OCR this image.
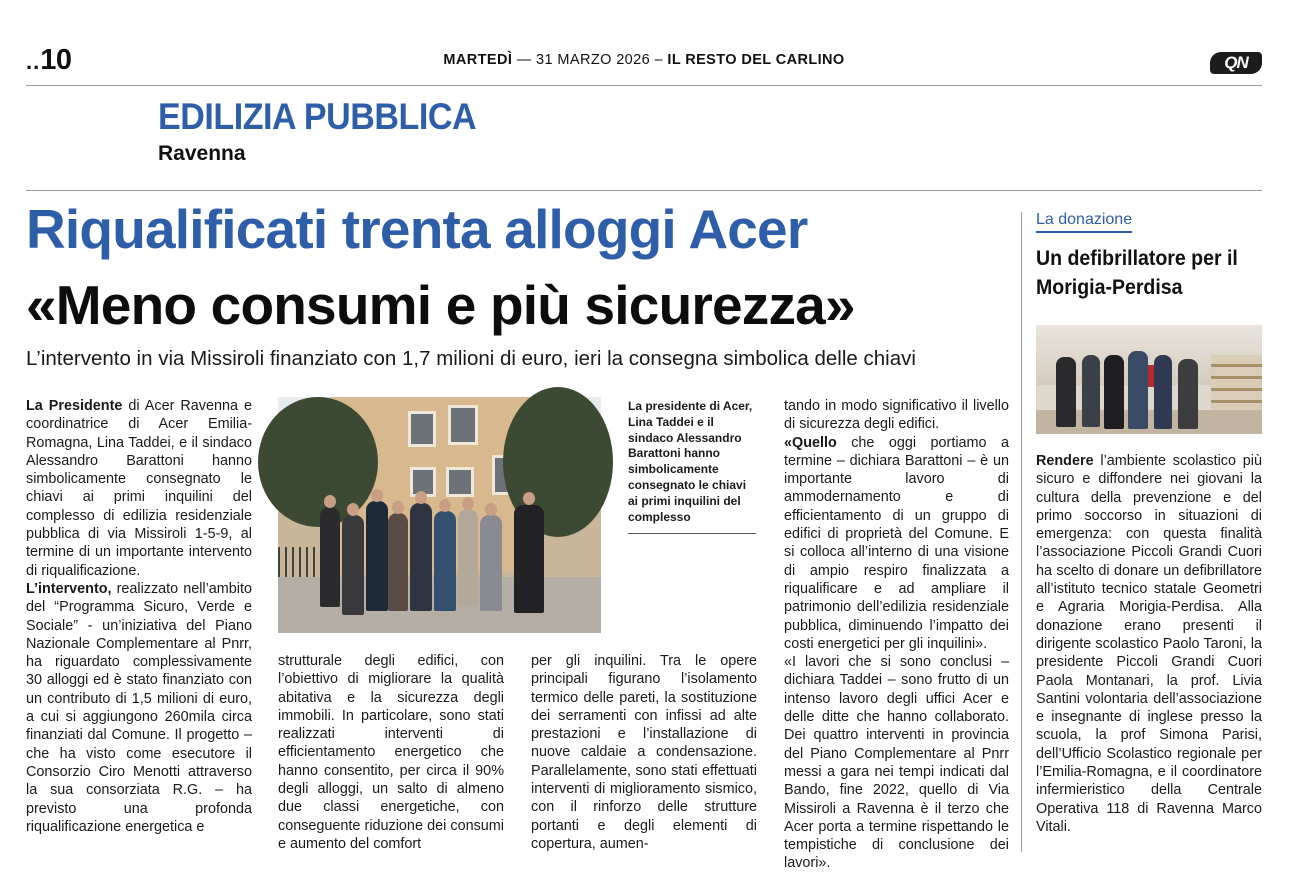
..10	MARTEDÌ — 31 MARZO 2026 – IL RESTO DEL CARLINO	QN
EDILIZIA PUBBLICA
Ravenna
Riqualificati trenta alloggi Acer
«Meno consumi e più sicurezza»
L’intervento in via Missiroli finanziato con 1,7 milioni di euro, ieri la consegna simbolica delle chiavi

La Presidente di Acer Ravenna e coordinatrice di Acer Emilia-Romagna, Lina Taddei, e il sindaco Alessandro Barattoni hanno simbolicamente consegnato le chiavi ai primi inquilini del complesso di edilizia residenziale pubblica di via Missiroli 1-5-9, al termine di un importante intervento di riqualificazione.

L’intervento, realizzato nell’ambito del “Programma Sicuro, Verde e Sociale” - un’iniziativa del Piano Nazionale Complementare al Pnrr, ha riguardato complessivamente 30 alloggi ed è stato finanziato con un contributo di 1,5 milioni di euro, a cui si aggiungono 260mila circa finanziati dal Comune. Il progetto – che ha visto come esecutore il Consorzio Ciro Menotti attraverso la sua consorziata R.G. – ha previsto una profonda riqualificazione energetica e

La presidente di Acer, Lina Taddei e il sindaco Alessandro Barattoni hanno simbolicamente consegnato le chiavi ai primi inquilini del complesso

strutturale degli edifici, con l’obiettivo di migliorare la qualità abitativa e la sicurezza degli immobili. In particolare, sono stati realizzati interventi di efficientamento energetico che hanno consentito, per circa il 90% degli alloggi, un salto di almeno due classi energetiche, con conseguente riduzione dei consumi e aumento del comfort

per gli inquilini. Tra le opere principali figurano l’isolamento termico delle pareti, la sostituzione dei serramenti con infissi ad alte prestazioni e l’installazione di nuove caldaie a condensazione. Parallelamente, sono stati effettuati interventi di miglioramento sismico, con il rinforzo delle strutture portanti e degli elementi di copertura, aumen-

tando in modo significativo il livello di sicurezza degli edifici.

«Quello che oggi portiamo a termine – dichiara Barattoni – è un importante lavoro di ammodernamento e di efficientamento di un gruppo di edifici di proprietà del Comune. E si colloca all’interno di una visione di ampio respiro finalizzata a riqualificare e ad ampliare il patrimonio dell’edilizia residenziale pubblica, diminuendo l’impatto dei costi energetici per gli inquilini».

«I lavori che si sono conclusi – dichiara Taddei – sono frutto di un intenso lavoro degli uffici Acer e delle ditte che hanno collaborato. Dei quattro interventi in provincia del Piano Complementare al Pnrr messi a gara nei tempi indicati dal Bando, fine 2022, quello di Via Missiroli a Ravenna è il terzo che Acer porta a termine rispettando le tempistiche di conclusione dei lavori».

La donazione
Un defibrillatore per il Morigia-Perdisa

Rendere l’ambiente scolastico più sicuro e diffondere nei giovani la cultura della prevenzione e del primo soccorso in situazioni di emergenza: con questa finalità l’associazione Piccoli Grandi Cuori ha scelto di donare un defibrillatore all’istituto tecnico statale Geometri e Agraria Morigia-Perdisa. Alla donazione erano presenti il dirigente scolastico Paolo Taroni, la presidente Piccoli Grandi Cuori Paola Montanari, la prof. Livia Santini volontaria dell’associazione e insegnante di inglese presso la scuola, la prof Simona Parisi, dell’Ufficio Scolastico regionale per l’Emilia-Romagna, e il coordinatore infermieristico della Centrale Operativa 118 di Ravenna Marco Vitali.
